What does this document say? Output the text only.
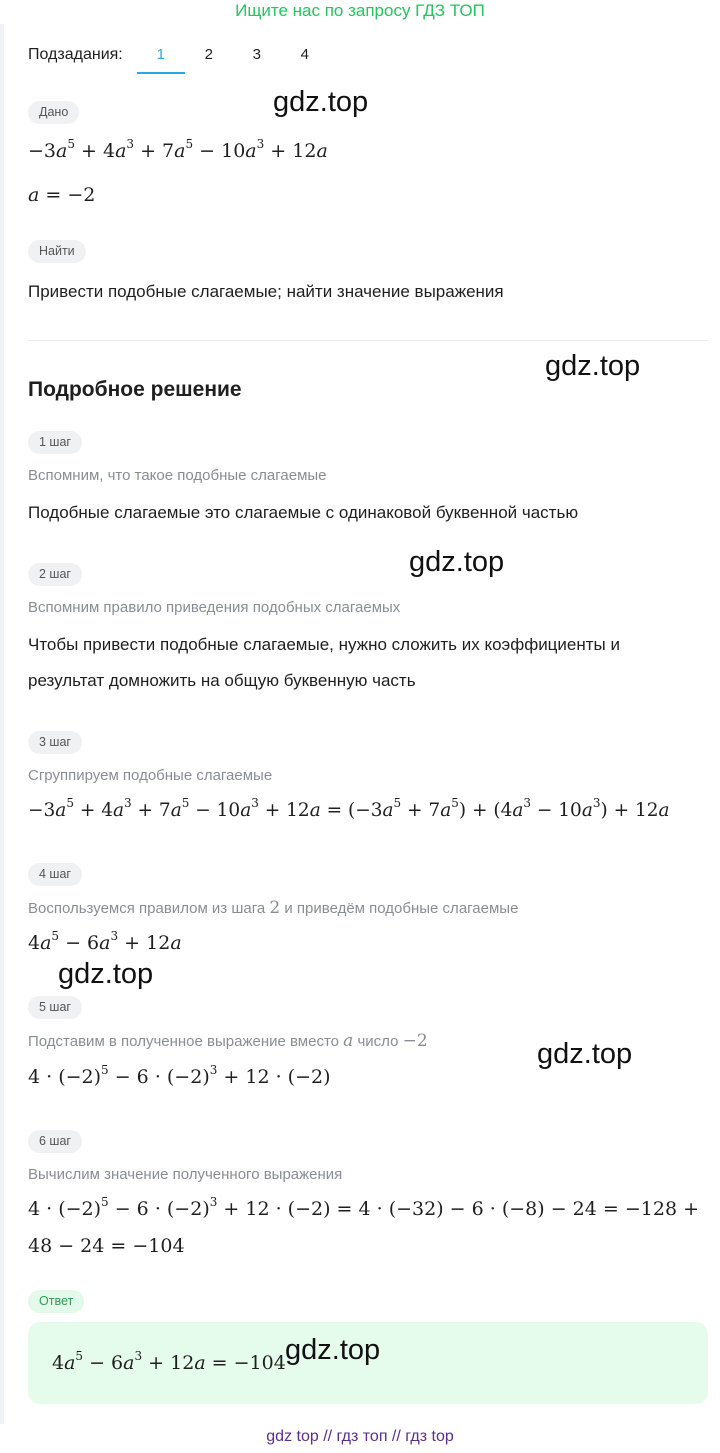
Ищите нас по запросу ГДЗ ТОП
Подзадания:	1	2	3	4
Дано
$-3a^5 + 4a^3 + 7a^5 - 10a^3 + 12a$
a = −2
Найти
Привести подобные слагаемые; найти значение выражения
Подробное решение
1 шаг
Вспомним, что такое подобные слагаемые
Подобные слагаемые это слагаемые с одинаковой буквенной частью
2 шаг
Вспомним правило приведения подобных слагаемых
Чтобы привести подобные слагаемые, нужно сложить их коэффициенты и
результат домножить на общую буквенную часть
3 шаг
Сгруппируем подобные слагаемые
$-3a^5 + 4a^3 + 7a^5 - 10a^3 + 12a = (-3a^5 + 7a^5) + (4a^3 - 10a^3) + 12a$
4 шаг
Воспользуемся правилом из шага 2 и приведём подобные слагаемые
$4a^5 - 6a^3 + 12a$
5 шаг
Подставим в полученное выражение вместо a число −2
$4 \cdot (-2)^5 - 6 \cdot (-2)^3 + 12 \cdot (-2)$
6 шаг
Вычислим значение полученного выражения
$4 \cdot (-2)^5 - 6 \cdot (-2)^3 + 12 \cdot (-2) = 4 \cdot (-32) - 6 \cdot (-8) - 24 = -128$ +
48 − 24 = −104
Ответ
$4a^5 - 6a^3 + 12a = -104$
gdz.top
gdz.top
gdz.top
gdz.top
gdz.top
gdz.top
gdz top // гдз топ // гдз top
